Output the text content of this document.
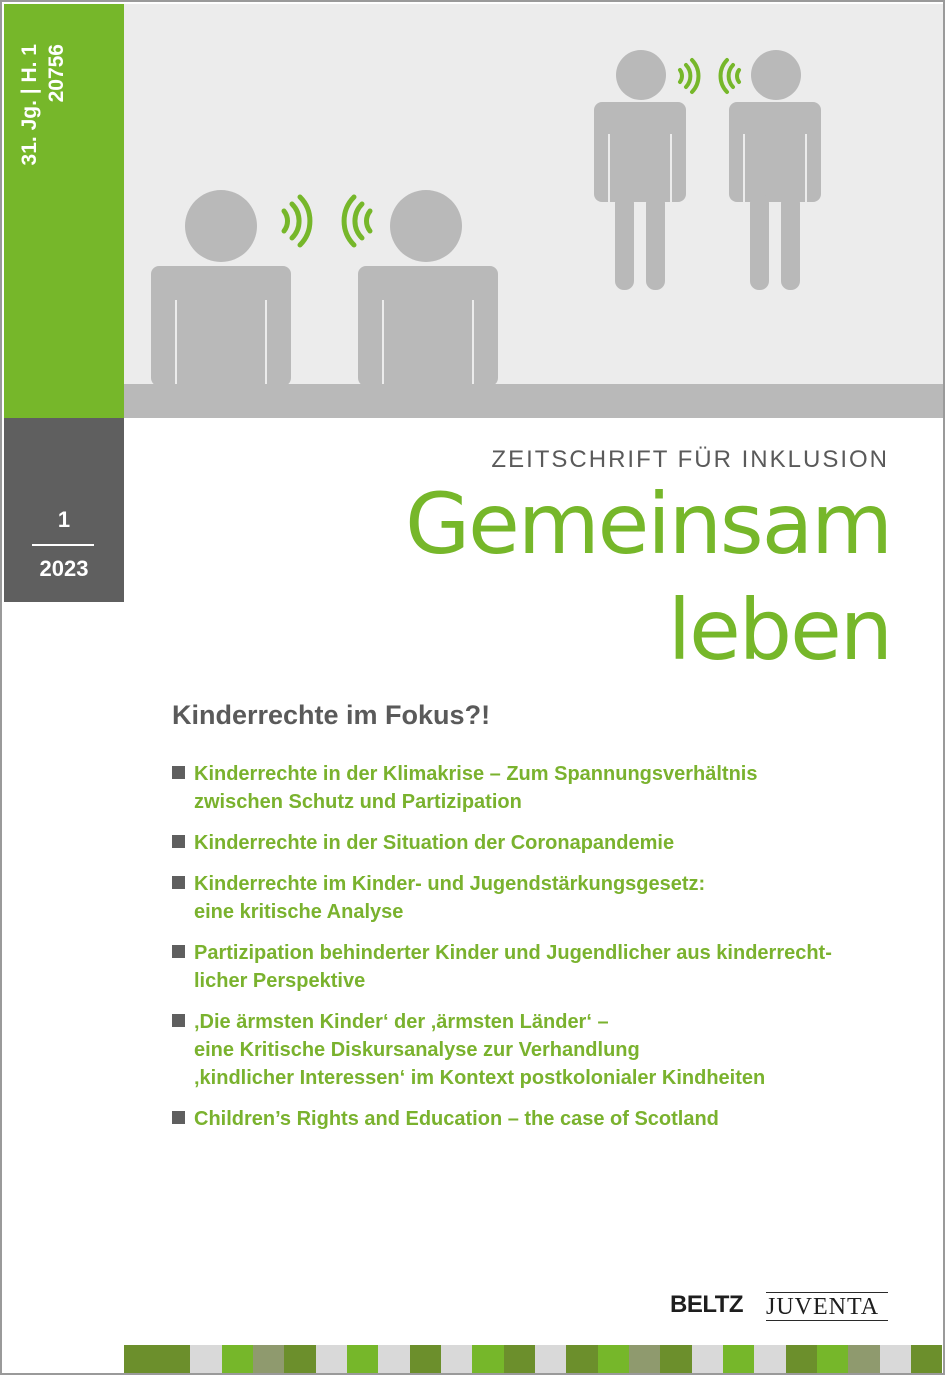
31. Jg. | H. 1 20756
1
2023
ZEITSCHRIFT FÜR INKLUSION
Gemeinsam
leben
Kinderrechte im Fokus?!
Kinderrechte in der Klimakrise – Zum Spannungsverhältnis
zwischen Schutz und Partizipation
Kinderrechte in der Situation der Coronapandemie
Kinderrechte im Kinder- und Jugendstärkungsgesetz:
eine kritische Analyse
Partizipation behinderter Kinder und Jugendlicher aus kinderrecht-
licher Perspektive
‚Die ärmsten Kinder‘ der ‚ärmsten Länder‘ –
eine Kritische Diskursanalyse zur Verhandlung
‚kindlicher Interessen‘ im Kontext postkolonialer Kindheiten
Children’s Rights and Education – the case of Scotland
BELTZ JUVENTA
